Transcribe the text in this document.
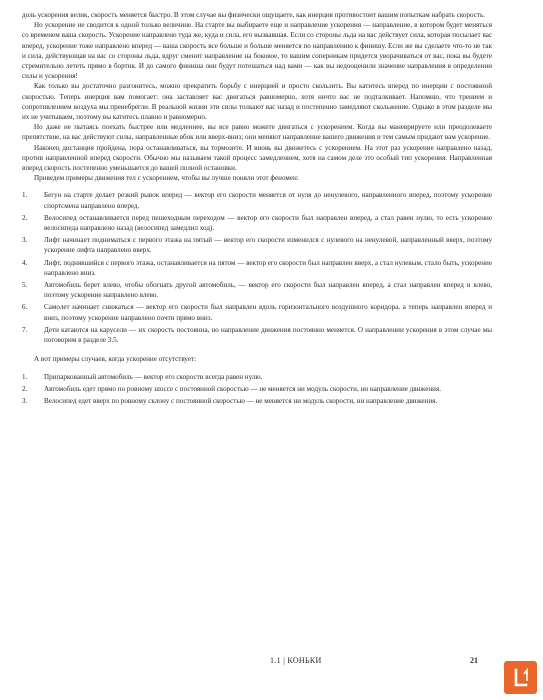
доль ускорения велик, скорость меняется быстро. В этом случае вы физически ощущаете, как инерция противостоит вашим попыткам набрать скорость.

Но ускорение не сводится к одной только величине. На старте вы выбираете еще и направление ускорения — направление, в котором будет меняться со временем ваша скорость. Ускорение направлено туда же, куда и сила, его вызвавшая. Если со стороны льда на вас действует сила, которая посылает вас вперед, ускорение тоже направлено вперед — ваша скорость все больше и больше меняется по направлению к финишу. Если же вы сделаете что-то не так и сила, действующая на вас со стороны льда, вдруг сменит направление на боковое, то вашим соперникам придется уворачиваться от вас, пока вы будете стремительно лететь прямо в бортик. И до самого финиша они будут потешаться над вами — как вы недооценили значение направления в определении силы и ускорения!

Как только вы достаточно разгонитесь, можно прекратить борьбу с инерцией и просто скользить. Вы катитесь вперед по инерции с постоянной скоростью. Теперь инерция вам помогает: она заставляет вас двигаться равномерно, хотя ничто вас не подталкивает. Напомню, что трением и сопротивлением воздуха мы пренебрегли. В реальной жизни эти силы толкают вас назад и постепенно замедляют скольжение. Однако в этом разделе мы их не учитываем, поэтому вы катитесь плавно и равномерно.

Но даже не пытаясь поехать быстрее или медленнее, вы все равно можете двигаться с ускорением. Когда вы маневрируете или преодолеваете препятствие, на вас действуют силы, направленные вбок или вверх-вниз; они меняют направление вашего движения и тем самым придают вам ускорение.

Наконец дистанция пройдена, пора останавливаться, вы тормозите. И вновь вы движетесь с ускорением. На этот раз ускорение направлено назад, против направленной вперед скорости. Обычно мы называем такой процесс замедлением, хотя на самом деле это особый тип ускорения. Направленная вперед скорость постепенно уменьшается до вашей полной остановки.

Приведем примеры движения тел с ускорением, чтобы вы лучше поняли этот феномен:

1. Бегун на старте делает резкий рывок вперед — вектор его скорости меняется от нуля до ненулевого, направленного вперед, поэтому ускорение спортсмена направлено вперед.
2. Велосипед останавливается перед пешеходным переходом — вектор его скорости был направлен вперед, а стал равен нулю, то есть ускорение велосипеда направлено назад (велосипед замедлил ход).
3. Лифт начинает подниматься с первого этажа на пятый — вектор его скорости изменился с нулевого на ненулевой, направленный вверх, поэтому ускорение лифта направлено вверх.
4. Лифт, поднявшийся с первого этажа, останавливается на пятом — вектор его скорости был направлен вверх, а стал нулевым, стало быть, ускорение направлено вниз.
5. Автомобиль берет влево, чтобы обогнать другой автомобиль, — вектор его скорости был направлен вперед, а стал направлен вперед и влево, поэтому ускорение направлено влево.
6. Самолет начинает снижаться — вектор его скорости был направлен вдоль горизонтального воздушного коридора, а теперь направлен вперед и вниз, поэтому ускорение направлено почти прямо вниз.
7. Дети катаются на карусели — их скорость постоянна, но направление движения постоянно меняется. О направлении ускорения в этом случае мы поговорим в разделе 3.5.

А вот примеры случаев, когда ускорение отсутствует:

1. Припаркованный автомобиль — вектор его скорости всегда равен нулю.
2. Автомобиль едет прямо по ровному шоссе с постоянной скоростью — не меняется ни модуль скорости, ни направление движения.
3. Велосипед едет вверх по ровному склону с постоянной скоростью — не меняется ни модуль скорости, ни направление движения.
1.1 | КОНЬКИ	21
